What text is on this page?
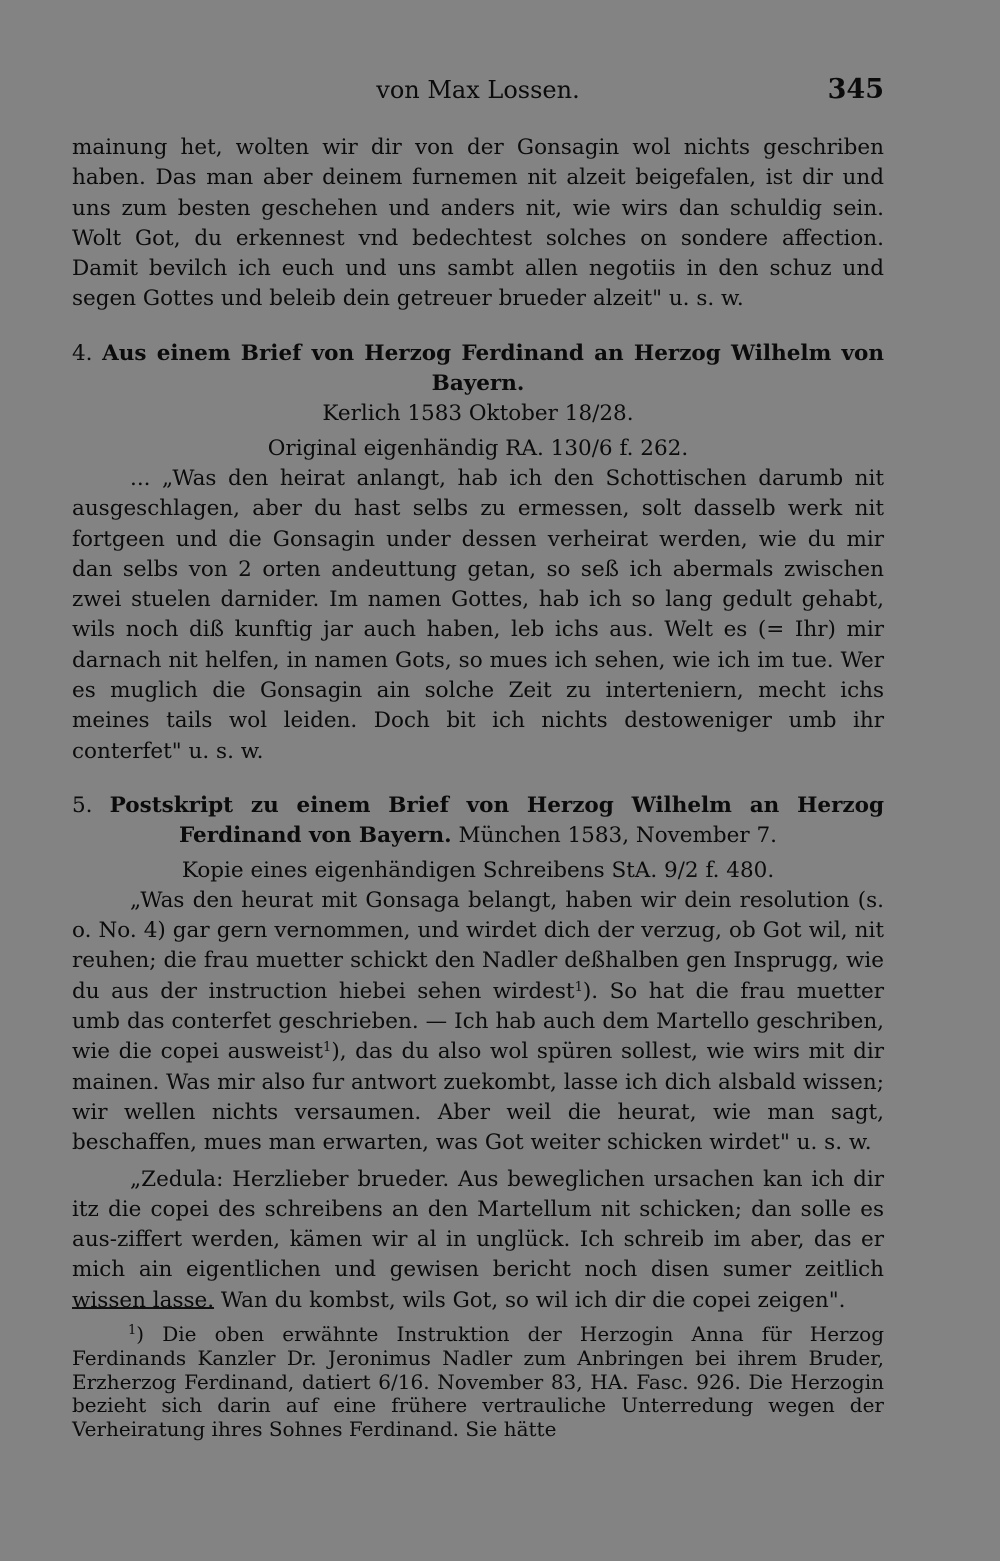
von Max Lossen.	345

mainung het, wolten wir dir von der Gonsagin wol nichts geschriben haben. Das man aber deinem furnemen nit alzeit beigefalen, ist dir und uns zum besten geschehen und anders nit, wie wirs dan schuldig sein. Wolt Got, du erkennest vnd bedechtest solches on sondere affection. Damit bevilch ich euch und uns sambt allen negotiis in den schuz und segen Gottes und beleib dein getreuer brueder alzeit" u. s. w.

4. Aus einem Brief von Herzog Ferdinand an Herzog Wilhelm von Bayern.

Kerlich 1583 Oktober 18/28.

Original eigenhändig RA. 130/6 f. 262.

... „Was den heirat anlangt, hab ich den Schottischen darumb nit ausgeschlagen, aber du hast selbs zu ermessen, solt dasselb werk nit fortgeen und die Gonsagin under dessen verheirat werden, wie du mir dan selbs von 2 orten andeuttung getan, so seß ich abermals zwischen zwei stuelen darnider. Im namen Gottes, hab ich so lang gedult gehabt, wils noch diß kunftig jar auch haben, leb ichs aus. Welt es (= Ihr) mir darnach nit helfen, in namen Gots, so mues ich sehen, wie ich im tue. Wer es muglich die Gonsagin ain solche Zeit zu interteniern, mecht ichs meines tails wol leiden. Doch bit ich nichts destoweniger umb ihr conterfet" u. s. w.

5. Postskript zu einem Brief von Herzog Wilhelm an Herzog Ferdinand von Bayern. München 1583, November 7.

Kopie eines eigenhändigen Schreibens StA. 9/2 f. 480.

„Was den heurat mit Gonsaga belangt, haben wir dein resolution (s. o. No. 4) gar gern vernommen, und wirdet dich der verzug, ob Got wil, nit reuhen; die frau muetter schickt den Nadler deßhalben gen Insprugg, wie du aus der instruction hiebei sehen wirdest$^1$). So hat die frau muetter umb das conterfet geschrieben. — Ich hab auch dem Martello geschriben, wie die copei ausweist$^1$), das du also wol spüren sollest, wie wirs mit dir mainen. Was mir also fur antwort zuekombt, lasse ich dich alsbald wissen; wir wellen nichts versaumen. Aber weil die heurat, wie man sagt, beschaffen, mues man erwarten, was Got weiter schicken wirdet" u. s. w.

„Zedula: Herzlieber brueder. Aus beweglichen ursachen kan ich dir itz die copei des schreibens an den Martellum nit schicken; dan solle es aus-ziffert werden, kämen wir al in unglück. Ich schreib im aber, das er mich ain eigentlichen und gewisen bericht noch disen sumer zeitlich wissen lasse. Wan du kombst, wils Got, so wil ich dir die copei zeigen".

$^1$) Die oben erwähnte Instruktion der Herzogin Anna für Herzog Ferdinands Kanzler Dr. Jeronimus Nadler zum Anbringen bei ihrem Bruder, Erzherzog Ferdinand, datiert 6/16. November 83, HA. Fasc. 926. Die Herzogin bezieht sich darin auf eine frühere vertrauliche Unterredung wegen der Verheiratung ihres Sohnes Ferdinand. Sie hätte
